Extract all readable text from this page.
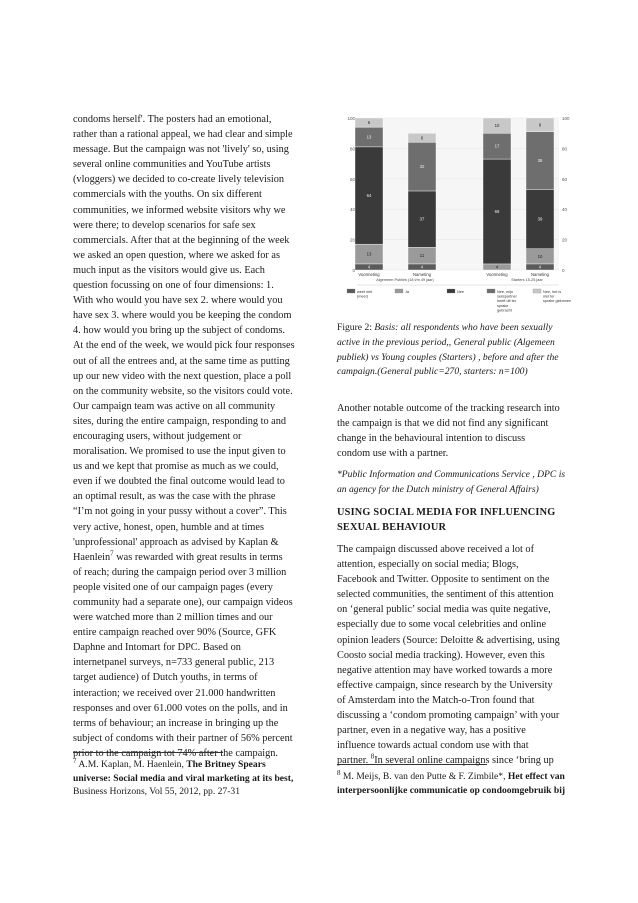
condoms herself'. The posters had an emotional,

rather than a rational appeal, we had clear and simple

message. But the campaign was not 'lively' so, using

several online communities and YouTube artists

(vloggers) we decided to co-create lively television

commercials with the youths. On six different

communities, we informed website visitors why we

were there; to develop scenarios for safe sex

commercials. After that at the beginning of the week

we asked an open question, where we asked for as

much input as the visitors would give us. Each

question focussing on one of four dimensions: 1.

With who would you have sex 2. where would you

have sex 3. where would you be keeping the condom

4. how would you bring up the subject of condoms.

At the end of the week, we would pick four responses

out of all the entrees and, at the same time as putting

up our new video with the next question, place a poll

on the community website, so the visitors could vote.

Our campaign team was active on all community

sites, during the entire campaign, responding to and

encouraging users, without judgement or

moralisation. We promised to use the input given to

us and we kept that promise as much as we could,

even if we doubted the final outcome would lead to

an optimal result, as was the case with the phrase

“I’m not going in your pussy without a cover”. This

very active, honest, open, humble and at times

'unprofessional' approach as advised by Kaplan &

Haenlein$^7$ was rewarded with great results in terms

of reach; during the campaign period over 3 million

people visited one of our campaign pages (every

community had a separate one), our campaign videos

were watched more than 2 million times and our

entire campaign reached over 90% (Source, GFK

Daphne and Intomart for DPC. Based on

internetpanel surveys, n=733 general public, 213

target audience) of Dutch youths, in terms of

interaction; we received over 21.000 handwritten

responses and over 61.000 votes on the polls, and in

terms of behaviour; an increase in bringing up the

subject of condoms with their partner of 56% percent

prior to the campaign tot 74% after the campaign.

$^7$ A.M. Kaplan, M. Haenlein, The Britney Spears
universe: Social media and viral marketing at its best,
Business Horizons, Vol 55, 2012, pp. 27-31
100	100
80	80
60	60
40	40
20	20
0	0
4
13
64
13
6
Voormeting
4
11
37
32
6
Nameting
4
69
17
10
Voormeting
4
10
39
38
9
Nameting
Algemeen Publiek (18 t/m 49 jaar)	Starters 15-25 jaar
weet niet
(meer)
Ja	Nee	Nee, mijn
sekspartner
heeft dit ter
sprake
gebracht
Nee, het is
niet ter
sprake gekomen
Figure 2: Basis: all respondents who have been sexually active in the previous period,, General public (Algemeen publiek) vs Young couples (Starters) , before and after the campaign.(General public=270, starters: n=100)

Another notable outcome of the tracking research into

the campaign is that we did not find any significant

change in the behavioural intention to discuss

condom use with a partner.

*Public Information and Communications Service , DPC is

an agency for the Dutch ministry of General Affairs)

USING SOCIAL MEDIA FOR INFLUENCING

SEXUAL BEHAVIOUR

The campaign discussed above received a lot of

attention, especially on social media; Blogs,

Facebook and Twitter. Opposite to sentiment on the

selected communities, the sentiment of this attention

on ‘general public’ social media was quite negative,

especially due to some vocal celebrities and online

opinion leaders (Source: Deloitte & advertising, using

Coosto social media tracking). However, even this

negative attention may have worked towards a more

effective campaign, since research by the University

of Amsterdam into the Match-o-Tron found that

discussing a ‘condom promoting campaign’ with your

partner, even in a negative way, has a positive

influence towards actual condom use with that

partner. $^8$In several online campaigns since ‘bring up

$^8$ M. Meijs, B. van den Putte & F. Zimbile*, Het effect van
interpersoonlijke communicatie op condoomgebruik bij
